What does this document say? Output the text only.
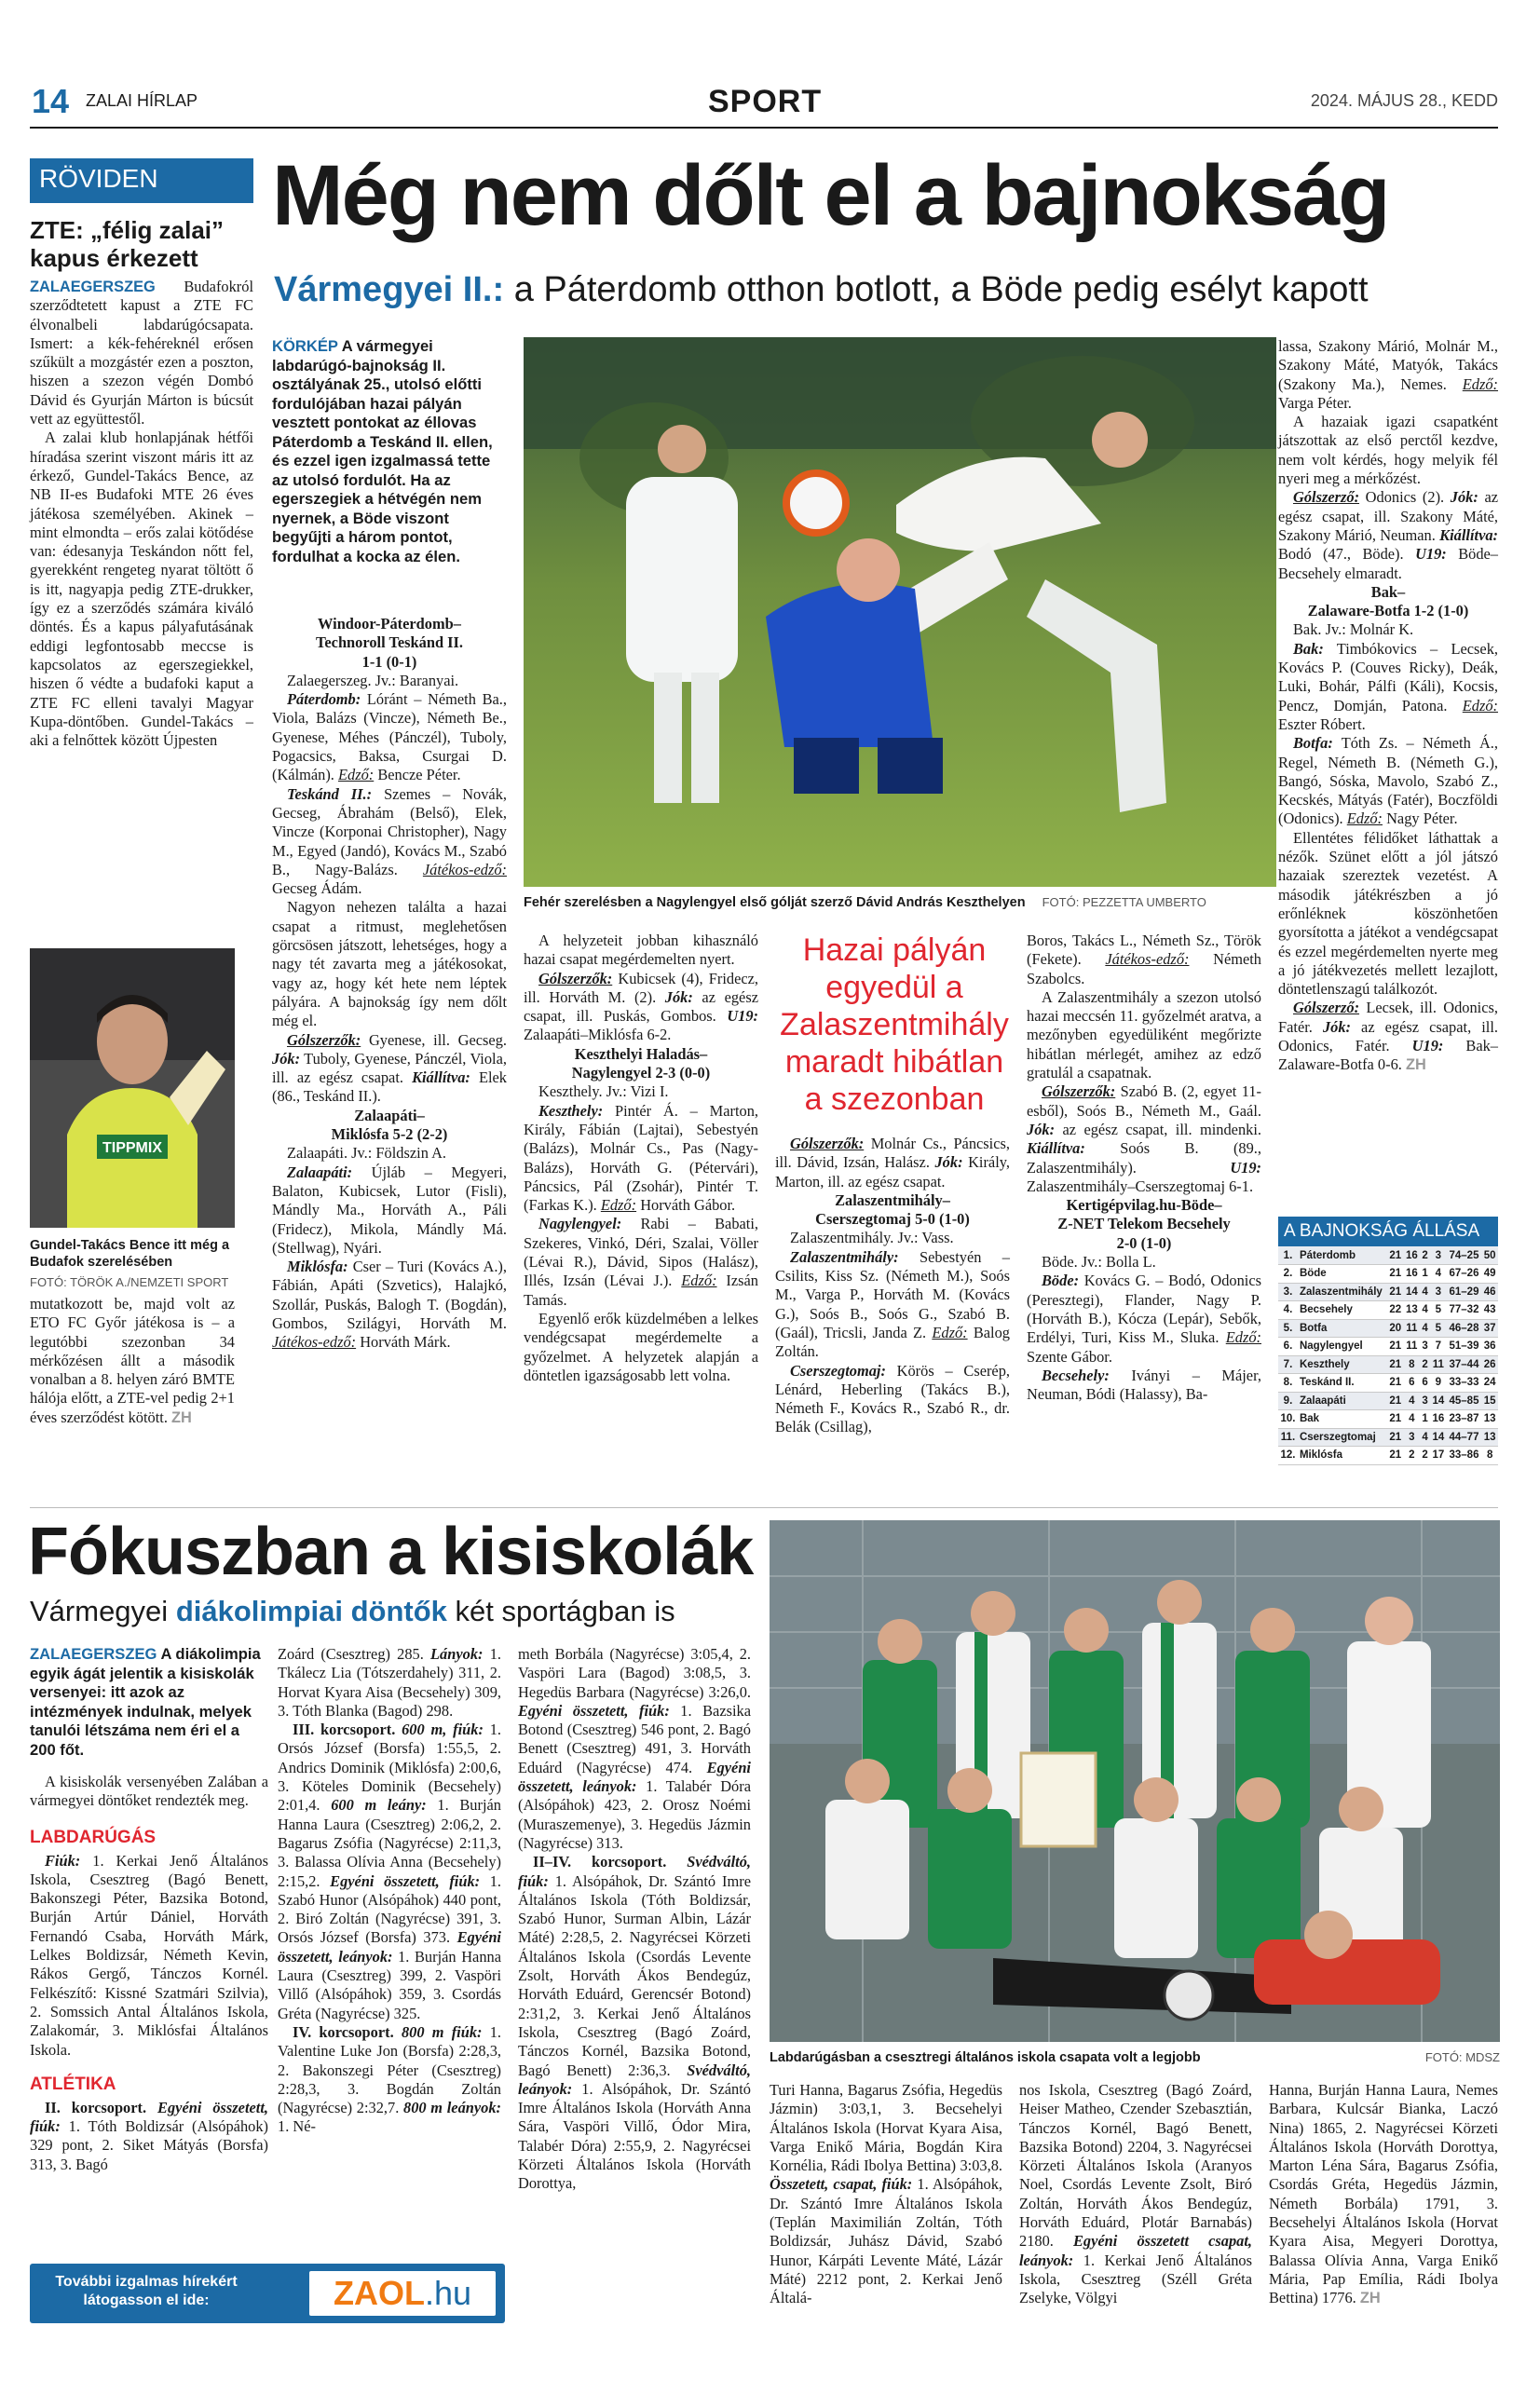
14 ZALAI HÍRLAP	SPORT	2024. MÁJUS 28., KEDD
RÖVIDEN
ZTE: „félig zalai” kapus érkezett
ZALAEGERSZEG Budafokról szerződtetett kapust a ZTE FC élvonalbeli labdarúgócsapata. Ismert: a kék-fehéreknél erősen szűkült a mozgástér ezen a poszton, hiszen a szezon végén Dombó Dávid és Gyurján Márton is búcsút vett az együttestől.
A zalai klub honlapjának hétfői híradása szerint viszont máris itt az érkező, Gundel-Takács Bence, az NB II-es Budafoki MTE 26 éves játékosa személyében. Akinek – mint elmondta – erős zalai kötődése van: édesanyja Teskándon nőtt fel, gyerekként rengeteg nyarat töltött ő is itt, nagyapja pedig ZTE-drukker, így ez a szerződés számára kiváló döntés. És a kapus pályafutásának eddigi legfontosabb meccse is kapcsolatos az egerszegiekkel, hiszen ő védte a budafoki kaput a ZTE FC elleni tavalyi Magyar Kupa-döntőben. Gundel-Takács – aki a felnőttek között Újpesten
TIPPMIX
Gundel-Takács Bence itt még a Budafok szerelésében
FOTÓ: TÖRÖK A./NEMZETI SPORT
mutatkozott be, majd volt az ETO FC Győr játékosa is – a legutóbbi szezonban 34 mérkőzésen állt a második vonalban a 8. helyen záró BMTE hálója előtt, a ZTE-vel pedig 2+1 éves szerződést kötött. ZH
Még nem dőlt el a bajnokság
Vármegyei II.: a Páterdomb otthon botlott, a Böde pedig esélyt kapott
KÖRKÉP A vármegyei labdarúgó-bajnokság II. osztályának 25., utolsó előtti fordulójában hazai pályán vesztett pontokat az éllovas Páterdomb a Teskánd II. ellen, és ezzel igen izgalmassá tette az utolsó fordulót. Ha az egerszegiek a hétvégén nem nyernek, a Böde viszont begyűjti a három pontot, fordulhat a kocka az élen.
Fehér szerelésben a Nagylengyel első gólját szerző Dávid András Keszthelyen FOTÓ: PEZZETTA UMBERTO
Windoor-Páterdomb–
Technoroll Teskánd II.
1-1 (0-1)
Zalaegerszeg. Jv.: Baranyai.
Páterdomb: Lóránt – Németh Ba., Viola, Balázs (Vincze), Németh Be., Gyenese, Méhes (Pánczél), Tuboly, Pogacsics, Baksa, Csurgai D. (Kálmán). Edző: Bencze Péter.
Teskánd II.: Szemes – Novák, Gecseg, Ábrahám (Belső), Elek, Vincze (Korponai Christopher), Nagy M., Egyed (Jandó), Kovács M., Szabó B., Nagy-Balázs. Játékos-edző: Gecseg Ádám.
Nagyon nehezen találta a hazai csapat a ritmust, meglehetősen görcsösen játszott, lehetséges, hogy a nagy tét zavarta meg a játékosokat, vagy az, hogy két hete nem léptek pályára. A bajnokság így nem dőlt még el.
Gólszerzők: Gyenese, ill. Gecseg. Jók: Tuboly, Gyenese, Pánczél, Viola, ill. az egész csapat. Kiállítva: Elek (86., Teskánd II.).
Zalaapáti–
Miklósfa 5-2 (2-2)
Zalaapáti. Jv.: Földszin A.
Zalaapáti: Újláb – Megyeri, Balaton, Kubicsek, Lutor (Fisli), Mándly Ma., Horváth A., Páli (Fridecz), Mikola, Mándly Má. (Stellwag), Nyári.
Miklósfa: Cser – Turi (Kovács A.), Fábián, Apáti (Szvetics), Halajkó, Szollár, Puskás, Balogh T. (Bogdán), Gombos, Szilágyi, Horváth M. Játékos-edző: Horváth Márk.
A helyzeteit jobban kihasználó hazai csapat megérdemelten nyert.
Gólszerzők: Kubicsek (4), Fridecz, ill. Horváth M. (2). Jók: az egész csapat, ill. Puskás, Gombos. U19: Zalaapáti–Miklósfa 6-2.
Keszthelyi Haladás–
Nagylengyel 2-3 (0-0)
Keszthely. Jv.: Vizi I.
Keszthely: Pintér Á. – Marton, Király, Fábián (Lajtai), Sebestyén (Balázs), Molnár Cs., Pas (Nagy-Balázs), Horváth G. (Pétervári), Páncsics, Pál (Zsohár), Pintér T. (Farkas K.). Edző: Horváth Gábor.
Nagylengyel: Rabi – Babati, Szekeres, Vinkó, Déri, Szalai, Völler (Lévai R.), Dávid, Sipos (Halász), Illés, Izsán (Lévai J.). Edző: Izsán Tamás.
Egyenlő erők küzdelmében a lelkes vendégcsapat megérdemelte a győzelmet. A helyzetek alapján a döntetlen igazságosabb lett volna.
Hazai pályán egyedül a Zalaszentmihály maradt hibátlan a szezonban
Gólszerzők: Molnár Cs., Páncsics, ill. Dávid, Izsán, Halász. Jók: Király, Marton, ill. az egész csapat.
Zalaszentmihály–
Cserszegtomaj 5-0 (1-0)
Zalaszentmihály. Jv.: Vass.
Zalaszentmihály: Sebestyén – Csilits, Kiss Sz. (Németh M.), Soós M., Varga P., Horváth M. (Kovács G.), Soós B., Soós G., Szabó B. (Gaál), Tricsli, Janda Z. Edző: Balog Zoltán.
Cserszegtomaj: Körös – Cserép, Lénárd, Heberling (Takács B.), Németh F., Kovács R., Szabó R., dr. Belák (Csillag),
Boros, Takács L., Németh Sz., Török (Fekete). Játékos-edző: Németh Szabolcs.
A Zalaszentmihály a szezon utolsó hazai meccsén 11. győzelmét aratva, a mezőnyben egyedüliként megőrizte hibátlan mérlegét, amihez az edző gratulál a csapatnak.
Gólszerzők: Szabó B. (2, egyet 11-esből), Soós B., Németh M., Gaál. Jók: az egész csapat, ill. mindenki. Kiállítva: Soós B. (89., Zalaszentmihály). U19: Zalaszentmihály–Cserszegtomaj 6-1.
Kertigépvilag.hu-Böde–
Z-NET Telekom Becsehely
2-0 (1-0)
Böde. Jv.: Bolla L.
Böde: Kovács G. – Bodó, Odonics (Peresztegi), Flander, Nagy P. (Horváth B.), Kócza (Lepár), Sebők, Erdélyi, Turi, Kiss M., Sluka. Edző: Szente Gábor.
Becsehely: Iványi – Májer, Neuman, Bódi (Halassy), Ba-
lassa, Szakony Márió, Molnár M., Szakony Máté, Matyók, Takács (Szakony Ma.), Nemes. Edző: Varga Péter.
A hazaiak igazi csapatként játszottak az első perctől kezdve, nem volt kérdés, hogy melyik fél nyeri meg a mérkőzést.
Gólszerző: Odonics (2). Jók: az egész csapat, ill. Szakony Máté, Szakony Márió, Neuman. Kiállítva: Bodó (47., Böde). U19: Böde–Becsehely elmaradt.
Bak–
Zalaware-Botfa 1-2 (1-0)
Bak. Jv.: Molnár K.
Bak: Timbókovics – Lecsek, Kovács P. (Couves Ricky), Deák, Luki, Bohár, Pálfi (Káli), Kocsis, Pencz, Domján, Patona. Edző: Eszter Róbert.
Botfa: Tóth Zs. – Németh Á., Regel, Németh B. (Németh G.), Bangó, Sóska, Mavolo, Szabó Z., Kecskés, Mátyás (Fatér), Boczföldi (Odonics). Edző: Nagy Péter.
Ellentétes félidőket láthattak a nézők. Szünet előtt a jól játszó hazaiak szereztek vezetést. A második játékrészben a jó erőnléknek köszönhetően gyorsította a játékot a vendégcsapat és ezzel megérdemelten nyerte meg a jó játékvezetés mellett lezajlott, döntetlenszagú találkozót.
Gólszerző: Lecsek, ill. Odonics, Fatér. Jók: az egész csapat, ill. Odonics, Fatér. U19: Bak–Zalaware-Botfa 0-6. ZH
A BAJNOKSÁG ÁLLÁSA
1.	Páterdomb	21	16	2	3	74–25	50
2.	Böde	21	16	1	4	67–26	49
3.	Zalaszentmihály	21	14	4	3	61–29	46
4.	Becsehely	22	13	4	5	77–32	43
5.	Botfa	20	11	4	5	46–28	37
6.	Nagylengyel	21	11	3	7	51–39	36
7.	Keszthely	21	8	2	11	37–44	26
8.	Teskánd II.	21	6	6	9	33–33	24
9.	Zalaapáti	21	4	3	14	45–85	15
10.	Bak	21	4	1	16	23–87	13
11.	Cserszegtomaj	21	3	4	14	44–77	13
12.	Miklósfa	21	2	2	17	33–86	8
Fókuszban a kisiskolák
Vármegyei diákolimpiai döntők két sportágban is
ZALAEGERSZEG A diákolimpia egyik ágát jelentik a kisiskolák versenyei: itt azok az intézmények indulnak, melyek tanulói létszáma nem éri el a 200 főt.
A kisiskolák versenyében Zalában a vármegyei döntőket rendezték meg.
LABDARÚGÁS
Fiúk: 1. Kerkai Jenő Általános Iskola, Csesztreg (Bagó Benett, Bakonszegi Péter, Bazsika Botond, Burján Artúr Dániel, Horváth Fernandó Csaba, Horváth Márk, Lelkes Boldizsár, Németh Kevin, Rákos Gergő, Tánczos Kornél. Felkészítő: Kissné Szatmári Szilvia), 2. Somssich Antal Általános Iskola, Zalakomár, 3. Miklósfai Általános Iskola.
ATLÉTIKA
II. korcsoport. Egyéni összetett, fiúk: 1. Tóth Boldizsár (Alsópáhok) 329 pont, 2. Siket Mátyás (Borsfa) 313, 3. Bagó
További izgalmas hírekért
látogasson el ide:	ZAOL.hu
Zoárd (Csesztreg) 285. Lányok: 1. Tkálecz Lia (Tótszerdahely) 311, 2. Horvat Kyara Aisa (Becsehely) 309, 3. Tóth Blanka (Bagod) 298.
III. korcsoport. 600 m, fiúk: 1. Orsós József (Borsfa) 1:55,5, 2. Andrics Dominik (Miklósfa) 2:00,6, 3. Köteles Dominik (Becsehely) 2:01,4. 600 m leány: 1. Burján Hanna Laura (Csesztreg) 2:06,2, 2. Bagarus Zsófia (Nagyrécse) 2:11,3, 3. Balassa Olívia Anna (Becsehely) 2:15,2. Egyéni összetett, fiúk: 1. Szabó Hunor (Alsópáhok) 440 pont, 2. Biró Zoltán (Nagyrécse) 391, 3. Orsós József (Borsfa) 373. Egyéni összetett, leányok: 1. Burján Hanna Laura (Csesztreg) 399, 2. Vaspöri Villő (Alsópáhok) 359, 3. Csordás Gréta (Nagyrécse) 325.
IV. korcsoport. 800 m fiúk: 1. Valentine Luke Jon (Borsfa) 2:28,3, 2. Bakonszegi Péter (Csesztreg) 2:28,3, 3. Bogdán Zoltán (Nagyrécse) 2:32,7. 800 m leányok: 1. Né-
meth Borbála (Nagyrécse) 3:05,4, 2. Vaspöri Lara (Bagod) 3:08,5, 3. Hegedüs Barbara (Nagyrécse) 3:26,0. Egyéni összetett, fiúk: 1. Bazsika Botond (Csesztreg) 546 pont, 2. Bagó Benett (Csesztreg) 491, 3. Horváth Eduárd (Nagyrécse) 474. Egyéni összetett, leányok: 1. Talabér Dóra (Alsópáhok) 423, 2. Orosz Noémi (Muraszemenye), 3. Hegedüs Jázmin (Nagyrécse) 313.
II–IV. korcsoport. Svédváltó, fiúk: 1. Alsópáhok, Dr. Szántó Imre Általános Iskola (Tóth Boldizsár, Szabó Hunor, Surman Albin, Lázár Máté) 2:28,5, 2. Nagyrécsei Körzeti Általános Iskola (Csordás Levente Zsolt, Horváth Ákos Bendegúz, Horváth Eduárd, Gerencsér Botond) 2:31,2, 3. Kerkai Jenő Általános Iskola, Csesztreg (Bagó Zoárd, Tánczos Kornél, Bazsika Botond, Bagó Benett) 2:36,3. Svédváltó, leányok: 1. Alsópáhok, Dr. Szántó Imre Általános Iskola (Horváth Anna Sára, Vaspöri Villő, Ódor Mira, Talabér Dóra) 2:55,9, 2. Nagyrécsei Körzeti Általános Iskola (Horváth Dorottya,
Labdarúgásban a csesztregi általános iskola csapata volt a legjobb	FOTÓ: MDSZ
Turi Hanna, Bagarus Zsófia, Hegedüs Jázmin) 3:03,1, 3. Becsehelyi Általános Iskola (Horvat Kyara Aisa, Varga Enikő Mária, Bogdán Kira Kornélia, Rádi Ibolya Bettina) 3:03,8. Összetett, csapat, fiúk: 1. Alsópáhok, Dr. Szántó Imre Általános Iskola (Teplán Maximilián Zoltán, Tóth Boldizsár, Juhász Dávid, Szabó Hunor, Kárpáti Levente Máté, Lázár Máté) 2212 pont, 2. Kerkai Jenő Általá-
nos Iskola, Csesztreg (Bagó Zoárd, Heiser Matheo, Czender Szebasztián, Tánczos Kornél, Bagó Benett, Bazsika Botond) 2204, 3. Nagyrécsei Körzeti Általános Iskola (Aranyos Noel, Csordás Levente Zsolt, Biró Zoltán, Horváth Ákos Bendegúz, Horváth Eduárd, Plotár Barnabás) 2180. Egyéni összetett csapat, leányok: 1. Kerkai Jenő Általános Iskola, Csesztreg (Széll Gréta Zselyke, Völgyi
Hanna, Burján Hanna Laura, Nemes Barbara, Kulcsár Bianka, Laczó Nina) 1865, 2. Nagyrécsei Körzeti Általános Iskola (Horváth Dorottya, Marton Léna Sára, Bagarus Zsófia, Csordás Gréta, Hegedüs Jázmin, Németh Borbála) 1791, 3. Becsehelyi Általános Iskola (Horvat Kyara Aisa, Megyeri Dorottya, Balassa Olívia Anna, Varga Enikő Mária, Pap Emília, Rádi Ibolya Bettina) 1776. ZH
